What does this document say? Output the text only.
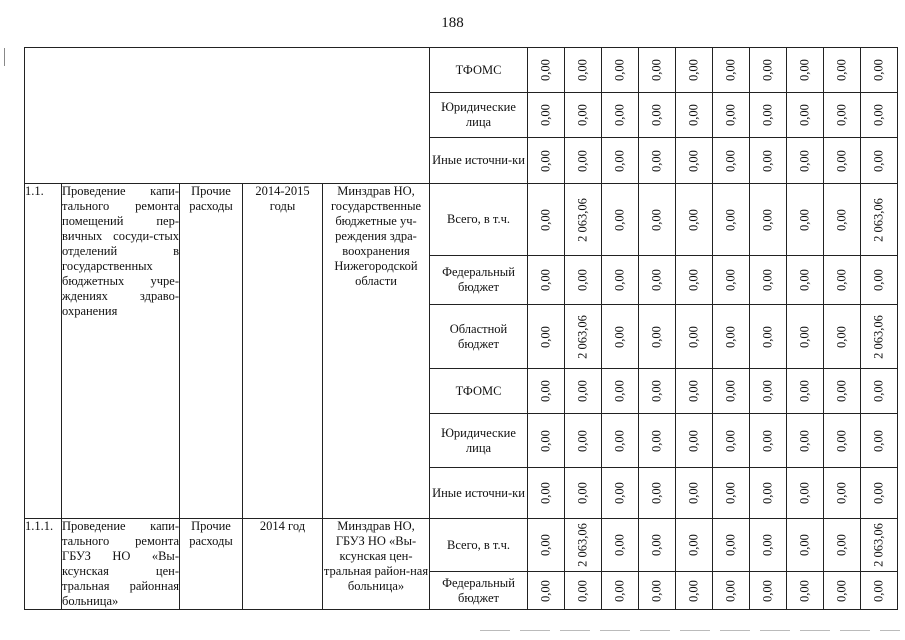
188
					ТФОМС	0,00	0,00	0,00	0,00	0,00	0,00	0,00	0,00	0,00	0,00

					Юридические лица	0,00	0,00	0,00	0,00	0,00	0,00	0,00	0,00	0,00	0,00

					Иные источни-ки	0,00	0,00	0,00	0,00	0,00	0,00	0,00	0,00	0,00	0,00

1.1.	Проведение капи-тального ремонта помещений пер-вичных сосуди-стых отделений в государственных бюджетных учре-ждениях здраво-охранения	Прочие расходы	2014-2015 годы	Минздрав НО, государственные бюджетные уч-реждения здра-воохранения Нижегородской области	Всего, в т.ч.	0,00	2 063,06	0,00	0,00	0,00	0,00	0,00	0,00	0,00	2 063,06

					Федеральный бюджет	0,00	0,00	0,00	0,00	0,00	0,00	0,00	0,00	0,00	0,00

					Областной бюджет	0,00	2 063,06	0,00	0,00	0,00	0,00	0,00	0,00	0,00	2 063,06

					ТФОМС	0,00	0,00	0,00	0,00	0,00	0,00	0,00	0,00	0,00	0,00

					Юридические лица	0,00	0,00	0,00	0,00	0,00	0,00	0,00	0,00	0,00	0,00

					Иные источни-ки	0,00	0,00	0,00	0,00	0,00	0,00	0,00	0,00	0,00	0,00

1.1.1.	Проведение капи-тального ремонта ГБУЗ НО «Вы-ксунская цен-тральная районная больница»	Прочие расходы	2014 год	Минздрав НО, ГБУЗ НО «Вы-ксунская цен-тральная район-ная больница»	Всего, в т.ч.	0,00	2 063,06	0,00	0,00	0,00	0,00	0,00	0,00	0,00	2 063,06

					Федеральный бюджет	0,00	0,00	0,00	0,00	0,00	0,00	0,00	0,00	0,00	0,00
